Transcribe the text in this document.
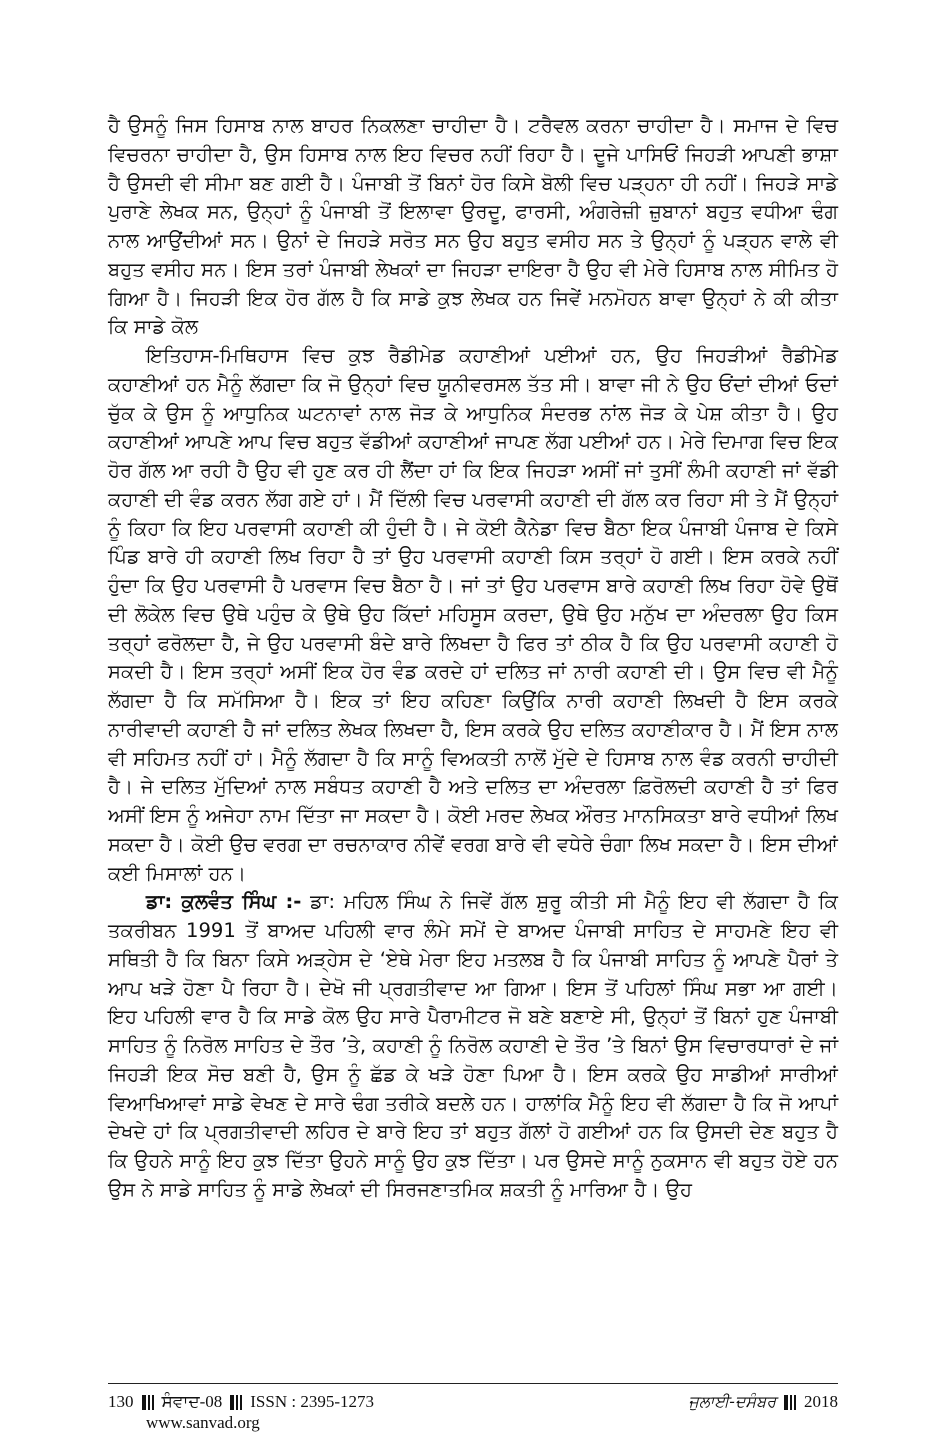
ਹੈ ਉਸਨੂੰ ਜਿਸ ਹਿਸਾਬ ਨਾਲ ਬਾਹਰ ਨਿਕਲਣਾ ਚਾਹੀਦਾ ਹੈ। ਟਰੈਵਲ ਕਰਨਾ ਚਾਹੀਦਾ ਹੈ। ਸਮਾਜ ਦੇ ਵਿਚ ਵਿਚਰਨਾ ਚਾਹੀਦਾ ਹੈ, ਉਸ ਹਿਸਾਬ ਨਾਲ ਇਹ ਵਿਚਰ ਨਹੀਂ ਰਿਹਾ ਹੈ। ਦੂਜੇ ਪਾਸਿਓਂ ਜਿਹੜੀ ਆਪਣੀ ਭਾਸ਼ਾ ਹੈ ਉਸਦੀ ਵੀ ਸੀਮਾ ਬਣ ਗਈ ਹੈ। ਪੰਜਾਬੀ ਤੋਂ ਬਿਨਾਂ ਹੋਰ ਕਿਸੇ ਬੋਲੀ ਵਿਚ ਪੜ੍ਹਨਾ ਹੀ ਨਹੀਂ। ਜਿਹੜੇ ਸਾਡੇ ਪੁਰਾਣੇ ਲੇਖਕ ਸਨ, ਉਨ੍ਹਾਂ ਨੂੰ ਪੰਜਾਬੀ ਤੋਂ ਇਲਾਵਾ ਉਰਦੂ, ਫਾਰਸੀ, ਅੰਗਰੇਜ਼ੀ ਜ਼ੁਬਾਨਾਂ ਬਹੁਤ ਵਧੀਆ ਢੰਗ ਨਾਲ ਆਉਂਦੀਆਂ ਸਨ। ਉਨਾਂ ਦੇ ਜਿਹੜੇ ਸਰੋਤ ਸਨ ਉਹ ਬਹੁਤ ਵਸੀਹ ਸਨ ਤੇ ਉਨ੍ਹਾਂ ਨੂੰ ਪੜ੍ਹਨ ਵਾਲੇ ਵੀ ਬਹੁਤ ਵਸੀਹ ਸਨ। ਇਸ ਤਰਾਂ ਪੰਜਾਬੀ ਲੇਖਕਾਂ ਦਾ ਜਿਹੜਾ ਦਾਇਰਾ ਹੈ ਉਹ ਵੀ ਮੇਰੇ ਹਿਸਾਬ ਨਾਲ ਸੀਮਿਤ ਹੋ ਗਿਆ ਹੈ। ਜਿਹੜੀ ਇਕ ਹੋਰ ਗੱਲ ਹੈ ਕਿ ਸਾਡੇ ਕੁਝ ਲੇਖਕ ਹਨ ਜਿਵੇਂ ਮਨਮੋਹਨ ਬਾਵਾ ਉਨ੍ਹਾਂ ਨੇ ਕੀ ਕੀਤਾ ਕਿ ਸਾਡੇ ਕੋਲ

ਇਤਿਹਾਸ-ਮਿਥਿਹਾਸ ਵਿਚ ਕੁਝ ਰੈਡੀਮੇਡ ਕਹਾਣੀਆਂ ਪਈਆਂ ਹਨ, ਉਹ ਜਿਹੜੀਆਂ ਰੈਡੀਮੇਡ ਕਹਾਣੀਆਂ ਹਨ ਮੈਨੂੰ ਲੱਗਦਾ ਕਿ ਜੋ ਉਨ੍ਹਾਂ ਵਿਚ ਯੂਨੀਵਰਸਲ ਤੱਤ ਸੀ। ਬਾਵਾ ਜੀ ਨੇ ਉਹ ਓਂਦਾਂ ਦੀਆਂ ਓਦਾਂ ਚੁੱਕ ਕੇ ਉਸ ਨੂੰ ਆਧੁਨਿਕ ਘਟਨਾਵਾਂ ਨਾਲ ਜੋੜ ਕੇ ਆਧੁਨਿਕ ਸੰਦਰਭ ਨਾਂਲ ਜੋੜ ਕੇ ਪੇਸ਼ ਕੀਤਾ ਹੈ। ਉਹ ਕਹਾਣੀਆਂ ਆਪਣੇ ਆਪ ਵਿਚ ਬਹੁਤ ਵੱਡੀਆਂ ਕਹਾਣੀਆਂ ਜਾਪਣ ਲੱਗ ਪਈਆਂ ਹਨ। ਮੇਰੇ ਦਿਮਾਗ ਵਿਚ ਇਕ ਹੋਰ ਗੱਲ ਆ ਰਹੀ ਹੈ ਉਹ ਵੀ ਹੁਣ ਕਰ ਹੀ ਲੈਂਦਾ ਹਾਂ ਕਿ ਇਕ ਜਿਹੜਾ ਅਸੀਂ ਜਾਂ ਤੁਸੀਂ ਲੰਮੀ ਕਹਾਣੀ ਜਾਂ ਵੱਡੀ ਕਹਾਣੀ ਦੀ ਵੰਡ ਕਰਨ ਲੱਗ ਗਏ ਹਾਂ। ਮੈਂ ਦਿੱਲੀ ਵਿਚ ਪਰਵਾਸੀ ਕਹਾਣੀ ਦੀ ਗੱਲ ਕਰ ਰਿਹਾ ਸੀ ਤੇ ਮੈਂ ਉਨ੍ਹਾਂ ਨੂੰ ਕਿਹਾ ਕਿ ਇਹ ਪਰਵਾਸੀ ਕਹਾਣੀ ਕੀ ਹੁੰਦੀ ਹੈ। ਜੇ ਕੋਈ ਕੈਨੇਡਾ ਵਿਚ ਬੈਠਾ ਇਕ ਪੰਜਾਬੀ ਪੰਜਾਬ ਦੇ ਕਿਸੇ ਪਿੰਡ ਬਾਰੇ ਹੀ ਕਹਾਣੀ ਲਿਖ ਰਿਹਾ ਹੈ ਤਾਂ ਉਹ ਪਰਵਾਸੀ ਕਹਾਣੀ ਕਿਸ ਤਰ੍ਹਾਂ ਹੋ ਗਈ। ਇਸ ਕਰਕੇ ਨਹੀਂ ਹੁੰਦਾ ਕਿ ਉਹ ਪਰਵਾਸੀ ਹੈ ਪਰਵਾਸ ਵਿਚ ਬੈਠਾ ਹੈ। ਜਾਂ ਤਾਂ ਉਹ ਪਰਵਾਸ ਬਾਰੇ ਕਹਾਣੀ ਲਿਖ ਰਿਹਾ ਹੋਵੇ ਉਥੋਂ ਦੀ ਲੋਕੇਲ ਵਿਚ ਉਥੇ ਪਹੁੰਚ ਕੇ ਉਥੇ ਉਹ ਕਿੱਦਾਂ ਮਹਿਸੂਸ ਕਰਦਾ, ਉਥੇ ਉਹ ਮਨੁੱਖ ਦਾ ਅੰਦਰਲਾ ਉਹ ਕਿਸ ਤਰ੍ਹਾਂ ਫਰੋਲਦਾ ਹੈ, ਜੇ ਉਹ ਪਰਵਾਸੀ ਬੰਦੇ ਬਾਰੇ ਲਿਖਦਾ ਹੈ ਫਿਰ ਤਾਂ ਠੀਕ ਹੈ ਕਿ ਉਹ ਪਰਵਾਸੀ ਕਹਾਣੀ ਹੋ ਸਕਦੀ ਹੈ। ਇਸ ਤਰ੍ਹਾਂ ਅਸੀਂ ਇਕ ਹੋਰ ਵੰਡ ਕਰਦੇ ਹਾਂ ਦਲਿਤ ਜਾਂ ਨਾਰੀ ਕਹਾਣੀ ਦੀ। ਉਸ ਵਿਚ ਵੀ ਮੈਨੂੰ ਲੱਗਦਾ ਹੈ ਕਿ ਸਮੱਸਿਆ ਹੈ। ਇਕ ਤਾਂ ਇਹ ਕਹਿਣਾ ਕਿਉਂਕਿ ਨਾਰੀ ਕਹਾਣੀ ਲਿਖਦੀ ਹੈ ਇਸ ਕਰਕੇ ਨਾਰੀਵਾਦੀ ਕਹਾਣੀ ਹੈ ਜਾਂ ਦਲਿਤ ਲੇਖਕ ਲਿਖਦਾ ਹੈ, ਇਸ ਕਰਕੇ ਉਹ ਦਲਿਤ ਕਹਾਣੀਕਾਰ ਹੈ। ਮੈਂ ਇਸ ਨਾਲ ਵੀ ਸਹਿਮਤ ਨਹੀਂ ਹਾਂ। ਮੈਨੂੰ ਲੱਗਦਾ ਹੈ ਕਿ ਸਾਨੂੰ ਵਿਅਕਤੀ ਨਾਲੋਂ ਮੁੱਦੇ ਦੇ ਹਿਸਾਬ ਨਾਲ ਵੰਡ ਕਰਨੀ ਚਾਹੀਦੀ ਹੈ। ਜੇ ਦਲਿਤ ਮੁੱਦਿਆਂ ਨਾਲ ਸਬੰਧਤ ਕਹਾਣੀ ਹੈ ਅਤੇ ਦਲਿਤ ਦਾ ਅੰਦਰਲਾ ਫ਼ਿਰੋਲਦੀ ਕਹਾਣੀ ਹੈ ਤਾਂ ਫਿਰ ਅਸੀਂ ਇਸ ਨੂੰ ਅਜੇਹਾ ਨਾਮ ਦਿੱਤਾ ਜਾ ਸਕਦਾ ਹੈ। ਕੋਈ ਮਰਦ ਲੇਖਕ ਔਰਤ ਮਾਨਸਿਕਤਾ ਬਾਰੇ ਵਧੀਆਂ ਲਿਖ ਸਕਦਾ ਹੈ। ਕੋਈ ਉਚ ਵਰਗ ਦਾ ਰਚਨਾਕਾਰ ਨੀਵੇਂ ਵਰਗ ਬਾਰੇ ਵੀ ਵਧੇਰੇ ਚੰਗਾ ਲਿਖ ਸਕਦਾ ਹੈ। ਇਸ ਦੀਆਂ ਕਈ ਮਿਸਾਲਾਂ ਹਨ।

ਡਾ: ਕੁਲਵੰਤ ਸਿੰਘ :- ਡਾ: ਮਹਿਲ ਸਿੰਘ ਨੇ ਜਿਵੇਂ ਗੱਲ ਸ਼ੁਰੂ ਕੀਤੀ ਸੀ ਮੈਨੂੰ ਇਹ ਵੀ ਲੱਗਦਾ ਹੈ ਕਿ ਤਕਰੀਬਨ 1991 ਤੋਂ ਬਾਅਦ ਪਹਿਲੀ ਵਾਰ ਲੰਮੇ ਸਮੇਂ ਦੇ ਬਾਅਦ ਪੰਜਾਬੀ ਸਾਹਿਤ ਦੇ ਸਾਹਮਣੇ ਇਹ ਵੀ ਸਥਿਤੀ ਹੈ ਕਿ ਬਿਨਾ ਕਿਸੇ ਅੜ੍ਹੇਸ ਦੇ ‘ਏਥੇ ਮੇਰਾ ਇਹ ਮਤਲਬ ਹੈ ਕਿ ਪੰਜਾਬੀ ਸਾਹਿਤ ਨੂੰ ਆਪਣੇ ਪੈਰਾਂ ਤੇ ਆਪ ਖੜੇ ਹੋਣਾ ਪੈ ਰਿਹਾ ਹੈ। ਦੇਖੋ ਜੀ ਪ੍ਰਗਤੀਵਾਦ ਆ ਗਿਆ। ਇਸ ਤੋਂ ਪਹਿਲਾਂ ਸਿੰਘ ਸਭਾ ਆ ਗਈ। ਇਹ ਪਹਿਲੀ ਵਾਰ ਹੈ ਕਿ ਸਾਡੇ ਕੋਲ ਉਹ ਸਾਰੇ ਪੈਰਾਮੀਟਰ ਜੋ ਬਣੇ ਬਣਾਏ ਸੀ, ਉਨ੍ਹਾਂ ਤੋਂ ਬਿਨਾਂ ਹੁਣ ਪੰਜਾਬੀ ਸਾਹਿਤ ਨੂੰ ਨਿਰੋਲ ਸਾਹਿਤ ਦੇ ਤੌਰ ’ਤੇ, ਕਹਾਣੀ ਨੂੰ ਨਿਰੋਲ ਕਹਾਣੀ ਦੇ ਤੌਰ ’ਤੇ ਬਿਨਾਂ ਉਸ ਵਿਚਾਰਧਾਰਾਂ ਦੇ ਜਾਂ ਜਿਹੜੀ ਇਕ ਸੋਚ ਬਣੀ ਹੈ, ਉਸ ਨੂੰ ਛੱਡ ਕੇ ਖੜੇ ਹੋਣਾ ਪਿਆ ਹੈ। ਇਸ ਕਰਕੇ ਉਹ ਸਾਡੀਆਂ ਸਾਰੀਆਂ ਵਿਆਖਿਆਵਾਂ ਸਾਡੇ ਵੇਖਣ ਦੇ ਸਾਰੇ ਢੰਗ ਤਰੀਕੇ ਬਦਲੇ ਹਨ। ਹਾਲਾਂਕਿ ਮੈਨੂੰ ਇਹ ਵੀ ਲੱਗਦਾ ਹੈ ਕਿ ਜੋ ਆਪਾਂ ਦੇਖਦੇ ਹਾਂ ਕਿ ਪ੍ਰਗਤੀਵਾਦੀ ਲਹਿਰ ਦੇ ਬਾਰੇ ਇਹ ਤਾਂ ਬਹੁਤ ਗੱਲਾਂ ਹੋ ਗਈਆਂ ਹਨ ਕਿ ਉਸਦੀ ਦੇਣ ਬਹੁਤ ਹੈ ਕਿ ਉਹਨੇ ਸਾਨੂੰ ਇਹ ਕੁਝ ਦਿੱਤਾ ਉਹਨੇ ਸਾਨੂੰ ਉਹ ਕੁਝ ਦਿੱਤਾ। ਪਰ ਉਸਦੇ ਸਾਨੂੰ ਨੁਕਸਾਨ ਵੀ ਬਹੁਤ ਹੋਏ ਹਨ ਉਸ ਨੇ ਸਾਡੇ ਸਾਹਿਤ ਨੂੰ ਸਾਡੇ ਲੇਖਕਾਂ ਦੀ ਸਿਰਜਣਾਤਮਿਕ ਸ਼ਕਤੀ ਨੂੰ ਮਾਰਿਆ ਹੈ। ਉਹ

130 ਸੰਵਾਦ-08 ISSN : 2395-1273	ਜੁਲਾਈ-ਦਸੰਬਰ 2018
www.sanvad.org
